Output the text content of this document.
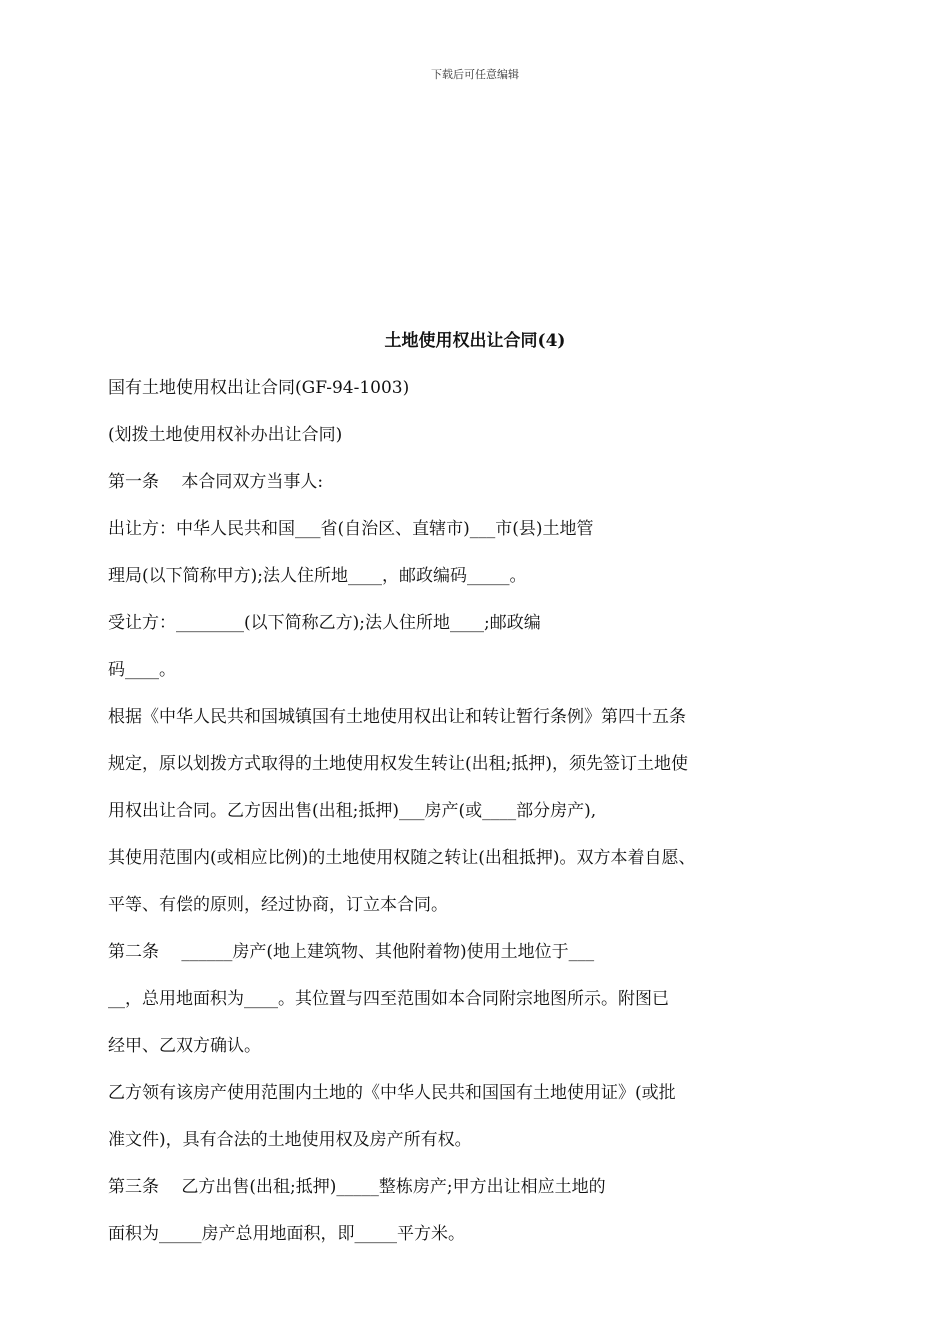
下载后可任意编辑
土地使用权出让合同(4)
国有土地使用权出让合同(GF-94-1003)
(划拨土地使用权补办出让合同)
第一条　 本合同双方当事人:
出让方：中华人民共和国___省(自治区、直辖市)___市(县)土地管
理局(以下简称甲方);法人住所地____，邮政编码_____。
受让方：________(以下简称乙方);法人住所地____;邮政编
码____。
根据《中华人民共和国城镇国有土地使用权出让和转让暂行条例》第四十五条
规定，原以划拨方式取得的土地使用权发生转让(出租;抵押)，须先签订土地使
用权出让合同。乙方因出售(出租;抵押)___房产(或____部分房产),
其使用范围内(或相应比例)的土地使用权随之转让(出租抵押)。双方本着自愿、
平等、有偿的原则，经过协商，订立本合同。
第二条　 ______房产(地上建筑物、其他附着物)使用土地位于___
__，总用地面积为____。其位置与四至范围如本合同附宗地图所示。附图已
经甲、乙双方确认。
乙方领有该房产使用范围内土地的《中华人民共和国国有土地使用证》(或批
准文件)，具有合法的土地使用权及房产所有权。
第三条　 乙方出售(出租;抵押)_____整栋房产;甲方出让相应土地的
面积为_____房产总用地面积，即_____平方米。
